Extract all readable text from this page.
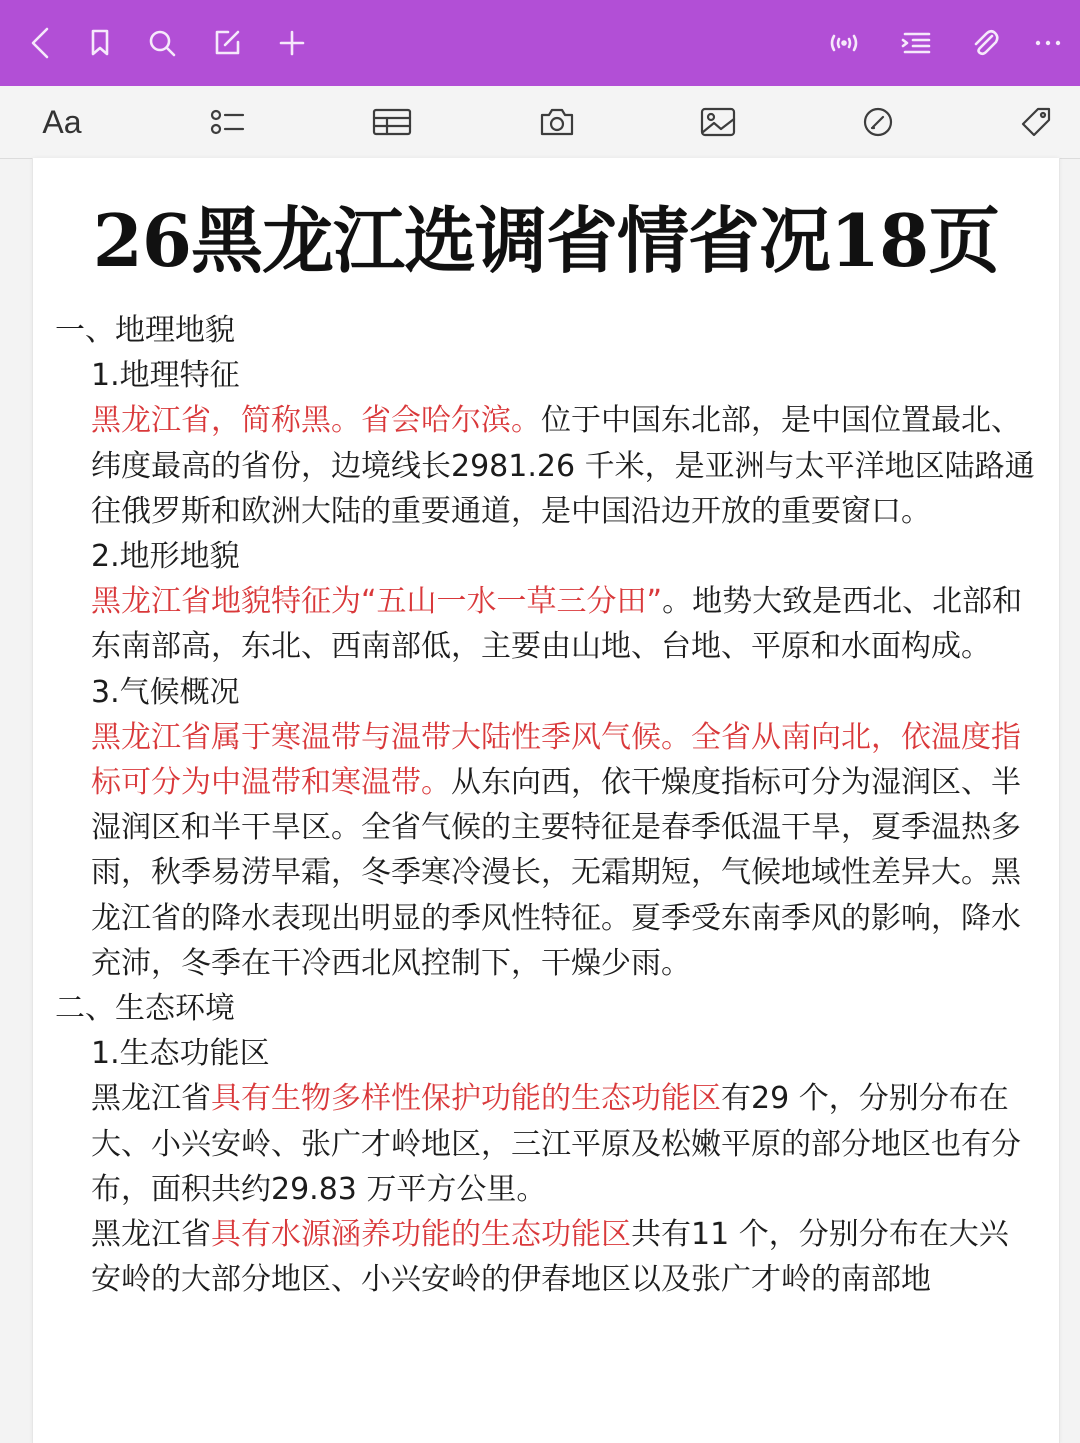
Aa
26黑龙江选调省情省况18页

一、地理地貌

1.地理特征

黑龙江省，简称黑。省会哈尔滨。位于中国东北部，是中国位置最北、纬度最高的省份，边境线长2981.26 千米，是亚洲与太平洋地区陆路通往俄罗斯和欧洲大陆的重要通道，是中国沿边开放的重要窗口。

2.地形地貌

黑龙江省地貌特征为“五山一水一草三分田”。地势大致是西北、北部和东南部高，东北、西南部低，主要由山地、台地、平原和水面构成。

3.气候概况

黑龙江省属于寒温带与温带大陆性季风气候。全省从南向北，依温度指标可分为中温带和寒温带。从东向西，依干燥度指标可分为湿润区、半湿润区和半干旱区。全省气候的主要特征是春季低温干旱，夏季温热多雨，秋季易涝早霜，冬季寒冷漫长，无霜期短，气候地域性差异大。黑龙江省的降水表现出明显的季风性特征。夏季受东南季风的影响，降水充沛，冬季在干冷西北风控制下，干燥少雨。

二、生态环境

1.生态功能区

黑龙江省具有生物多样性保护功能的生态功能区有29 个，分别分布在大、小兴安岭、张广才岭地区，三江平原及松嫩平原的部分地区也有分布，面积共约29.83 万平方公里。

黑龙江省具有水源涵养功能的生态功能区共有11 个，分别分布在大兴安岭的大部分地区、小兴安岭的伊春地区以及张广才岭的南部地
